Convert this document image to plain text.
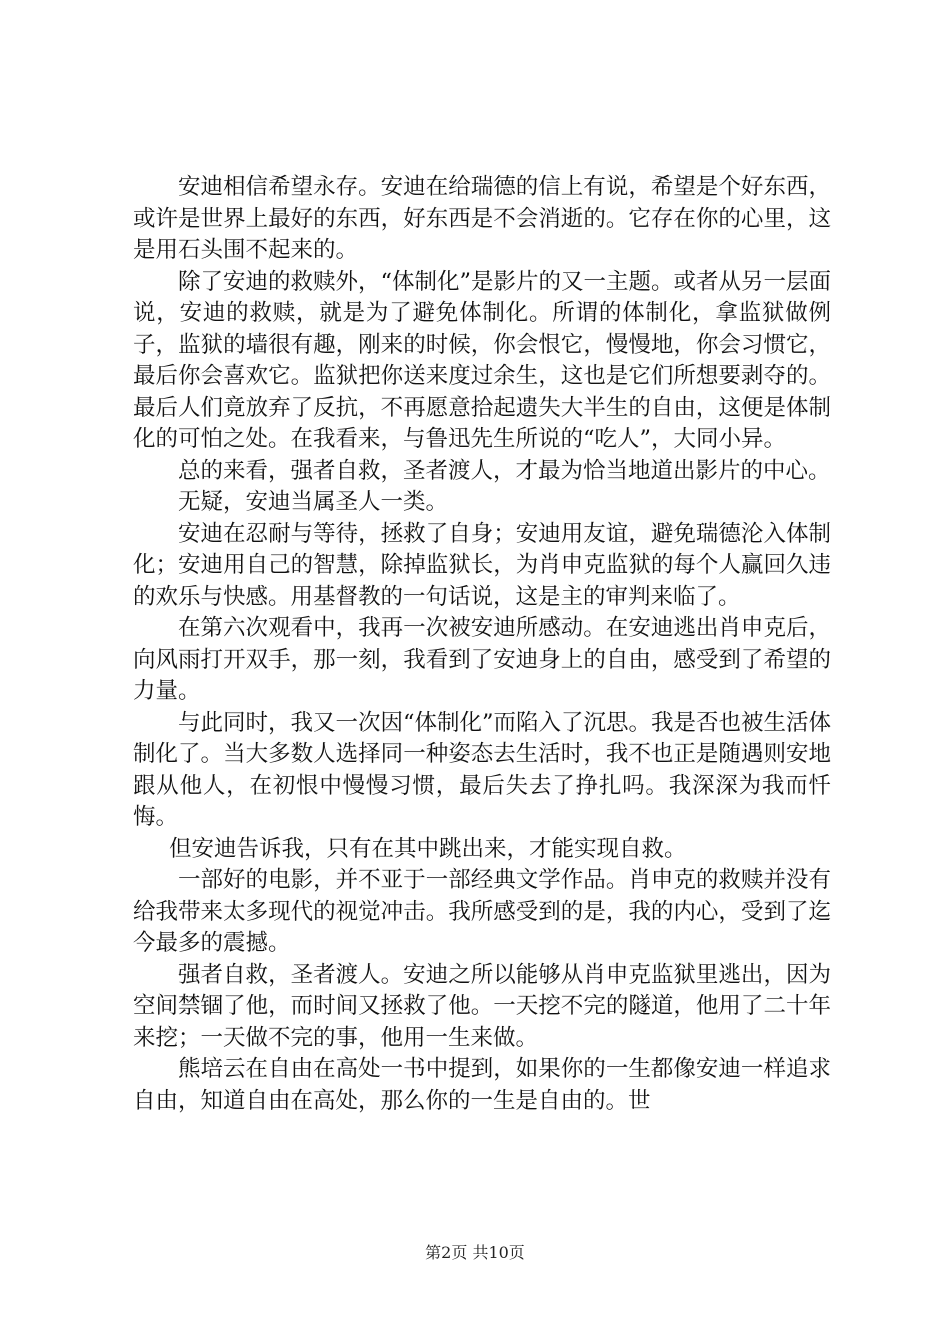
安迪相信希望永存。安迪在给瑞德的信上有说，希望是个好东西，或许是世界上最好的东西，好东西是不会消逝的。它存在你的心里，这是用石头围不起来的。

除了安迪的救赎外，“体制化”是影片的又一主题。或者从另一层面说，安迪的救赎，就是为了避免体制化。所谓的体制化，拿监狱做例子，监狱的墙很有趣，刚来的时候，你会恨它，慢慢地，你会习惯它，最后你会喜欢它。监狱把你送来度过余生，这也是它们所想要剥夺的。最后人们竟放弃了反抗，不再愿意拾起遗失大半生的自由，这便是体制化的可怕之处。在我看来，与鲁迅先生所说的“吃人”，大同小异。

总的来看，强者自救，圣者渡人，才最为恰当地道出影片的中心。

无疑，安迪当属圣人一类。

安迪在忍耐与等待，拯救了自身；安迪用友谊，避免瑞德沦入体制化；安迪用自己的智慧，除掉监狱长，为肖申克监狱的每个人赢回久违的欢乐与快感。用基督教的一句话说，这是主的审判来临了。

在第六次观看中，我再一次被安迪所感动。在安迪逃出肖申克后，向风雨打开双手，那一刻，我看到了安迪身上的自由，感受到了希望的力量。

与此同时，我又一次因“体制化”而陷入了沉思。我是否也被生活体制化了。当大多数人选择同一种姿态去生活时，我不也正是随遇则安地跟从他人，在初恨中慢慢习惯，最后失去了挣扎吗。我深深为我而忏悔。

但安迪告诉我，只有在其中跳出来，才能实现自救。

一部好的电影，并不亚于一部经典文学作品。肖申克的救赎并没有给我带来太多现代的视觉冲击。我所感受到的是，我的内心，受到了迄今最多的震撼。

强者自救，圣者渡人。安迪之所以能够从肖申克监狱里逃出，因为空间禁锢了他，而时间又拯救了他。一天挖不完的隧道，他用了二十年来挖；一天做不完的事，他用一生来做。

熊培云在自由在高处一书中提到，如果你的一生都像安迪一样追求自由，知道自由在高处，那么你的一生是自由的。世

第2页 共10页
